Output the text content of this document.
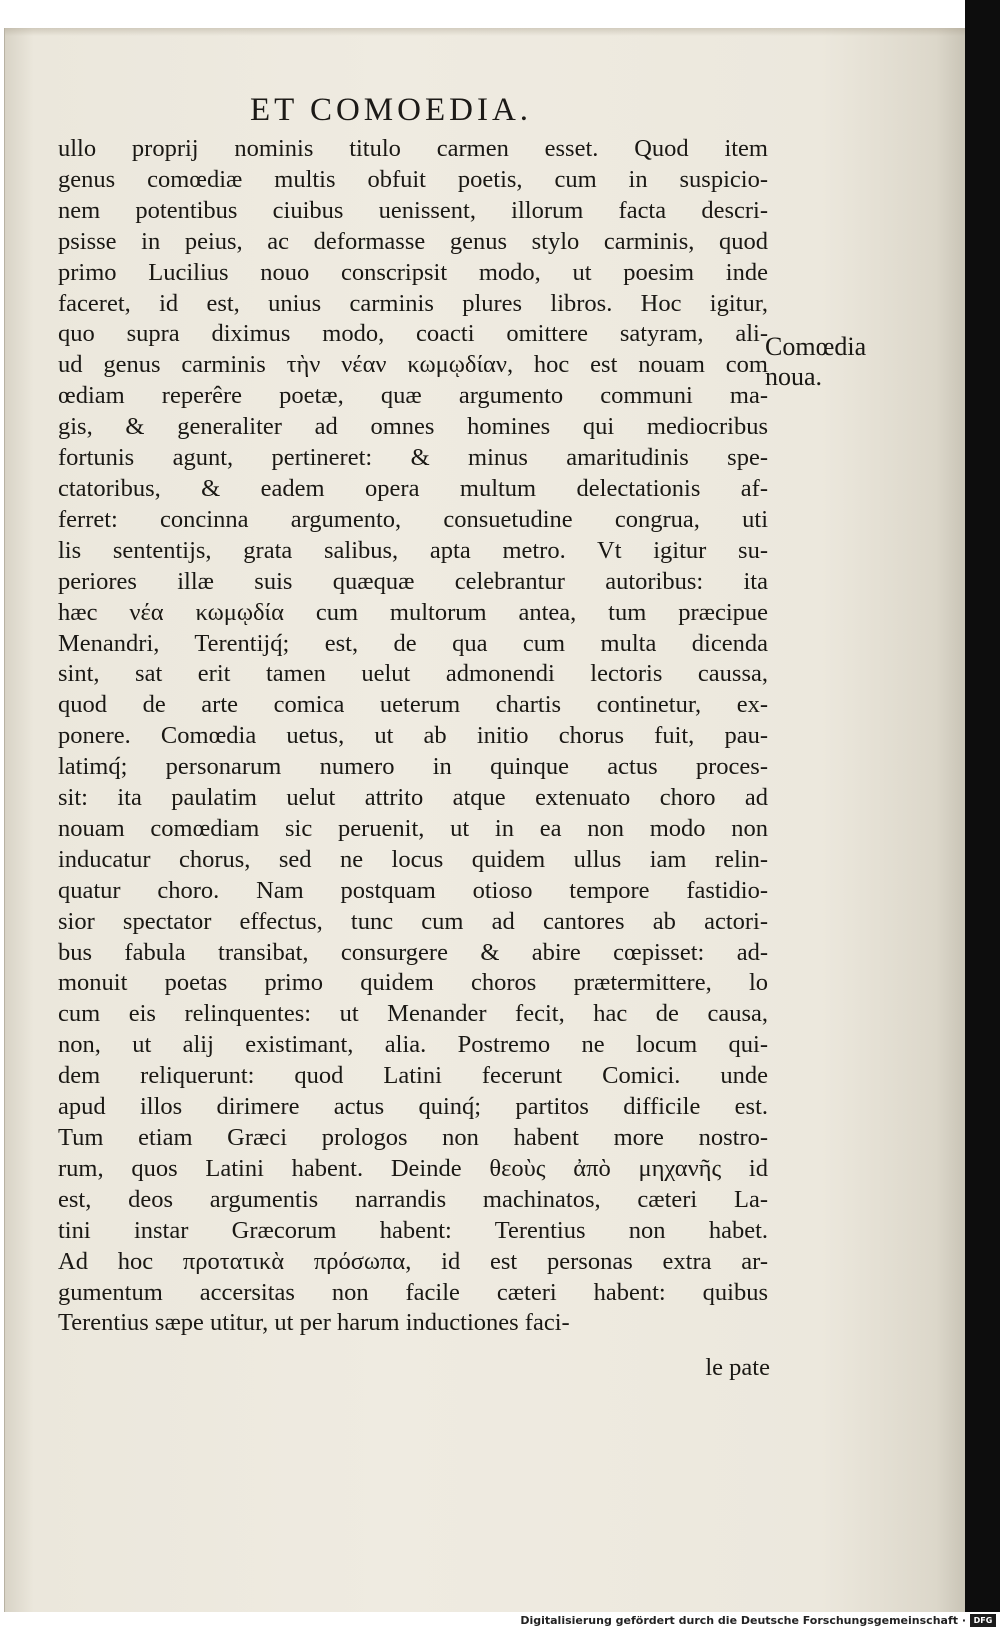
ET COMOEDIA.
ullo proprij nominis titulo carmen esset. Quod item
genus comœdiæ multis obfuit poetis, cum in suspicio-
nem potentibus ciuibus uenissent, illorum facta descri-
psisse in peius, ac deformasse genus stylo carminis, quod
primo Lucilius nouo conscripsit modo, ut poesim inde
faceret, id est, unius carminis plures libros. Hoc igitur,
quo supra diximus modo, coacti omittere satyram, ali-
ud genus carminis τὴν νέαν κωμῳδίαν, hoc est nouam com
œdiam reperêre poetæ, quæ argumento communi ma-
gis, & generaliter ad omnes homines qui mediocribus
fortunis agunt, pertineret: & minus amaritudinis spe-
ctatoribus, & eadem opera multum delectationis af-
ferret: concinna argumento, consuetudine congrua, uti
lis sententijs, grata salibus, apta metro. Vt igitur su-
periores illæ suis quæquæ celebrantur autoribus: ita
hæc νέα κωμῳδία cum multorum antea, tum præcipue
Menandri, Terentijq́; est, de qua cum multa dicenda
sint, sat erit tamen uelut admonendi lectoris caussa,
quod de arte comica ueterum chartis continetur, ex-
ponere. Comœdia uetus, ut ab initio chorus fuit, pau-
latimq́; personarum numero in quinque actus proces-
sit: ita paulatim uelut attrito atque extenuato choro ad
nouam comœdiam sic peruenit, ut in ea non modo non
inducatur chorus, sed ne locus quidem ullus iam relin-
quatur choro. Nam postquam otioso tempore fastidio-
sior spectator effectus, tunc cum ad cantores ab actori-
bus fabula transibat, consurgere & abire cœpisset: ad-
monuit poetas primo quidem choros prætermittere, lo
cum eis relinquentes: ut Menander fecit, hac de causa,
non, ut alij existimant, alia. Postremo ne locum qui-
dem reliquerunt: quod Latini fecerunt Comici. unde
apud illos dirimere actus quinq́; partitos difficile est.
Tum etiam Græci prologos non habent more nostro-
rum, quos Latini habent. Deinde θεοὺς ἀπὸ μηχανῆς id
est, deos argumentis narrandis machinatos, cæteri La-
tini instar Græcorum habent: Terentius non habet.
Ad hoc προτατικὰ πρόσωπα, id est personas extra ar-
gumentum accersitas non facile cæteri habent: quibus
Terentius sæpe utitur, ut per harum inductiones faci-
le pate
Comœdia
noua.
Digitalisierung gefördert durch die Deutsche Forschungsgemeinschaft · DFG
